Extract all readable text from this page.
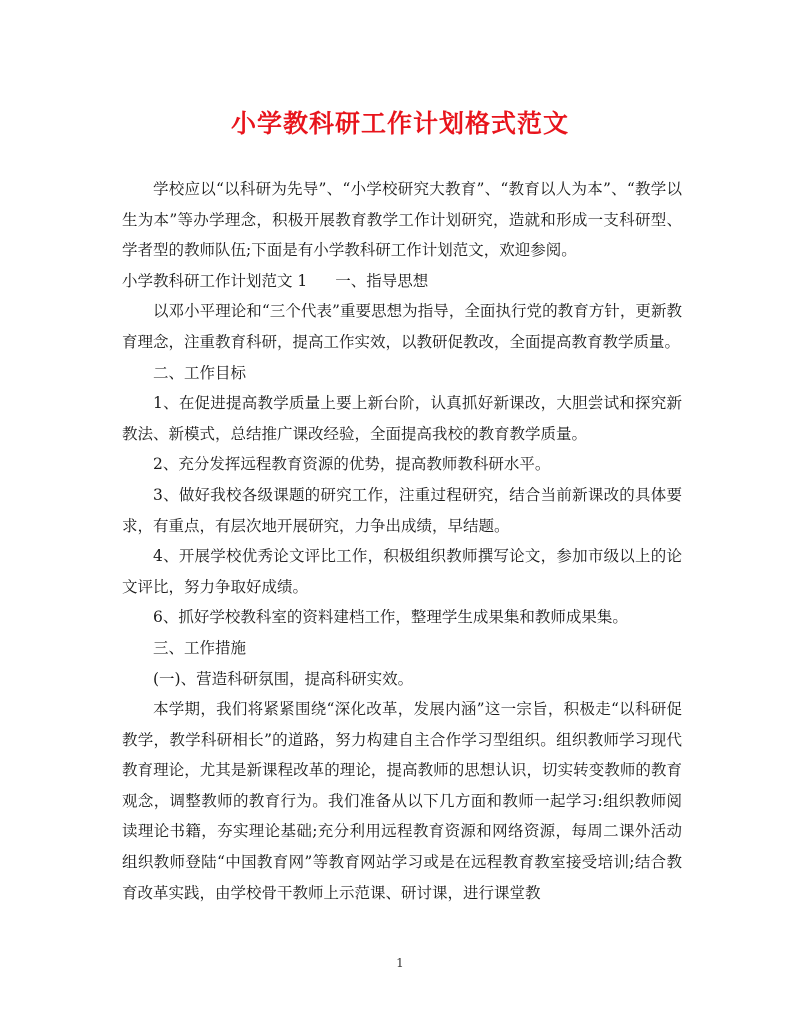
小学教科研工作计划格式范文

学校应以“以科研为先导”、“小学校研究大教育”、“教育以人为本”、“教学以生为本”等办学理念，积极开展教育教学工作计划研究，造就和形成一支科研型、学者型的教师队伍;下面是有小学教科研工作计划范文，欢迎参阅。

小学教科研工作计划范文 1 一、指导思想

以邓小平理论和“三个代表”重要思想为指导，全面执行党的教育方针，更新教育理念，注重教育科研，提高工作实效，以教研促教改，全面提高教育教学质量。

二、工作目标

1、在促进提高教学质量上要上新台阶，认真抓好新课改，大胆尝试和探究新教法、新模式，总结推广课改经验，全面提高我校的教育教学质量。

2、充分发挥远程教育资源的优势，提高教师教科研水平。

3、做好我校各级课题的研究工作，注重过程研究，结合当前新课改的具体要求，有重点，有层次地开展研究，力争出成绩，早结题。

4、开展学校优秀论文评比工作，积极组织教师撰写论文，参加市级以上的论文评比，努力争取好成绩。

6、抓好学校教科室的资料建档工作，整理学生成果集和教师成果集。

三、工作措施

(一)、营造科研氛围，提高科研实效。

本学期，我们将紧紧围绕“深化改革，发展内涵”这一宗旨，积极走“以科研促教学，教学科研相长”的道路，努力构建自主合作学习型组织。组织教师学习现代教育理论，尤其是新课程改革的理论，提高教师的思想认识，切实转变教师的教育观念，调整教师的教育行为。我们准备从以下几方面和教师一起学习:组织教师阅读理论书籍，夯实理论基础;充分利用远程教育资源和网络资源，每周二课外活动组织教师登陆“中国教育网”等教育网站学习或是在远程教育教室接受培训;结合教育改革实践，由学校骨干教师上示范课、研讨课，进行课堂教

1
